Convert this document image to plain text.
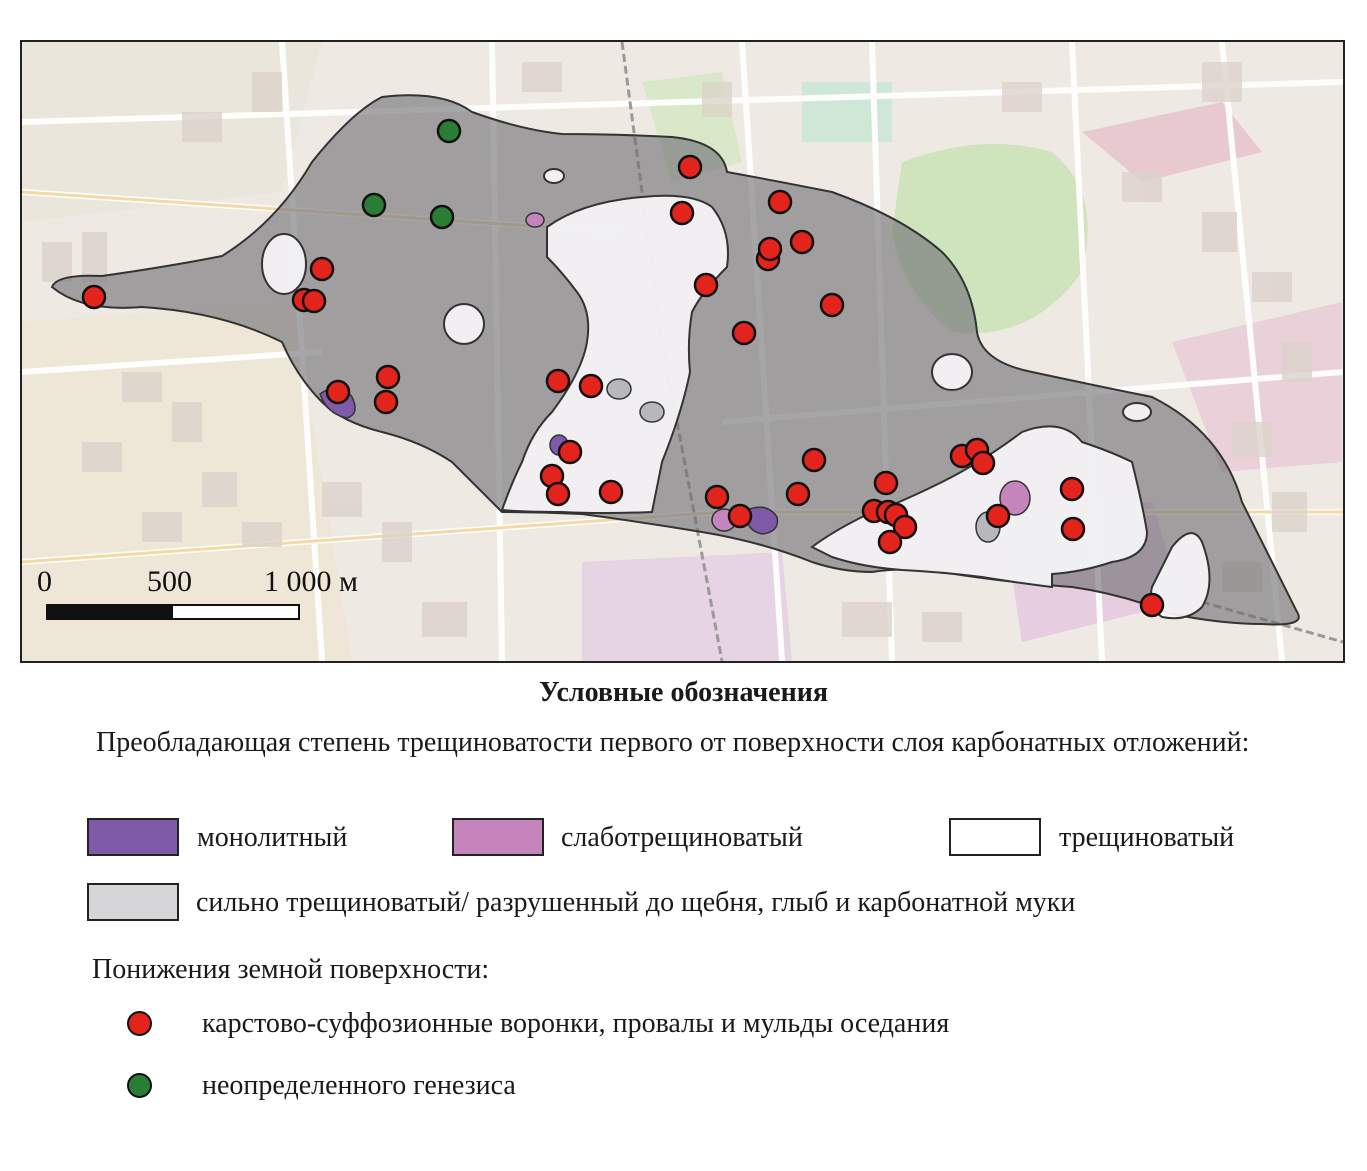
0	500 1 000 м
Условные обозначения
Преобладающая степень трещиноватости первого от поверхности слоя карбонатных отложений:
монолитный	слаботрещиноватый	трещиноватый
сильно трещиноватый/ разрушенный до щебня, глыб и карбонатной муки
Понижения земной поверхности:
карстово-суффозионные воронки, провалы и мульды оседания
неопределенного генезиса
